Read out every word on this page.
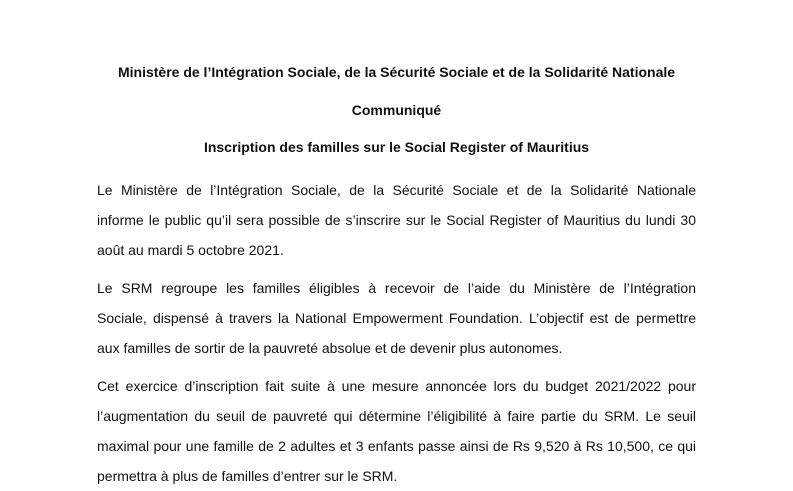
Ministère de l’Intégration Sociale, de la Sécurité Sociale et de la Solidarité Nationale
Communiqué
Inscription des familles sur le Social Register of Mauritius
Le Ministère de l’Intégration Sociale, de la Sécurité Sociale et de la Solidarité Nationale
informe le public qu’il sera possible de s’inscrire sur le Social Register of Mauritius du lundi 30
août au mardi 5 octobre 2021.
Le SRM regroupe les familles éligibles à recevoir de l’aide du Ministère de l’Intégration
Sociale, dispensé à travers la National Empowerment Foundation. L’objectif est de permettre
aux familles de sortir de la pauvreté absolue et de devenir plus autonomes.
Cet exercice d’inscription fait suite à une mesure annoncée lors du budget 2021/2022 pour
l’augmentation du seuil de pauvreté qui détermine l’éligibilité à faire partie du SRM. Le seuil
maximal pour une famille de 2 adultes et 3 enfants passe ainsi de Rs 9,520 à Rs 10,500, ce qui
permettra à plus de familles d’entrer sur le SRM.
